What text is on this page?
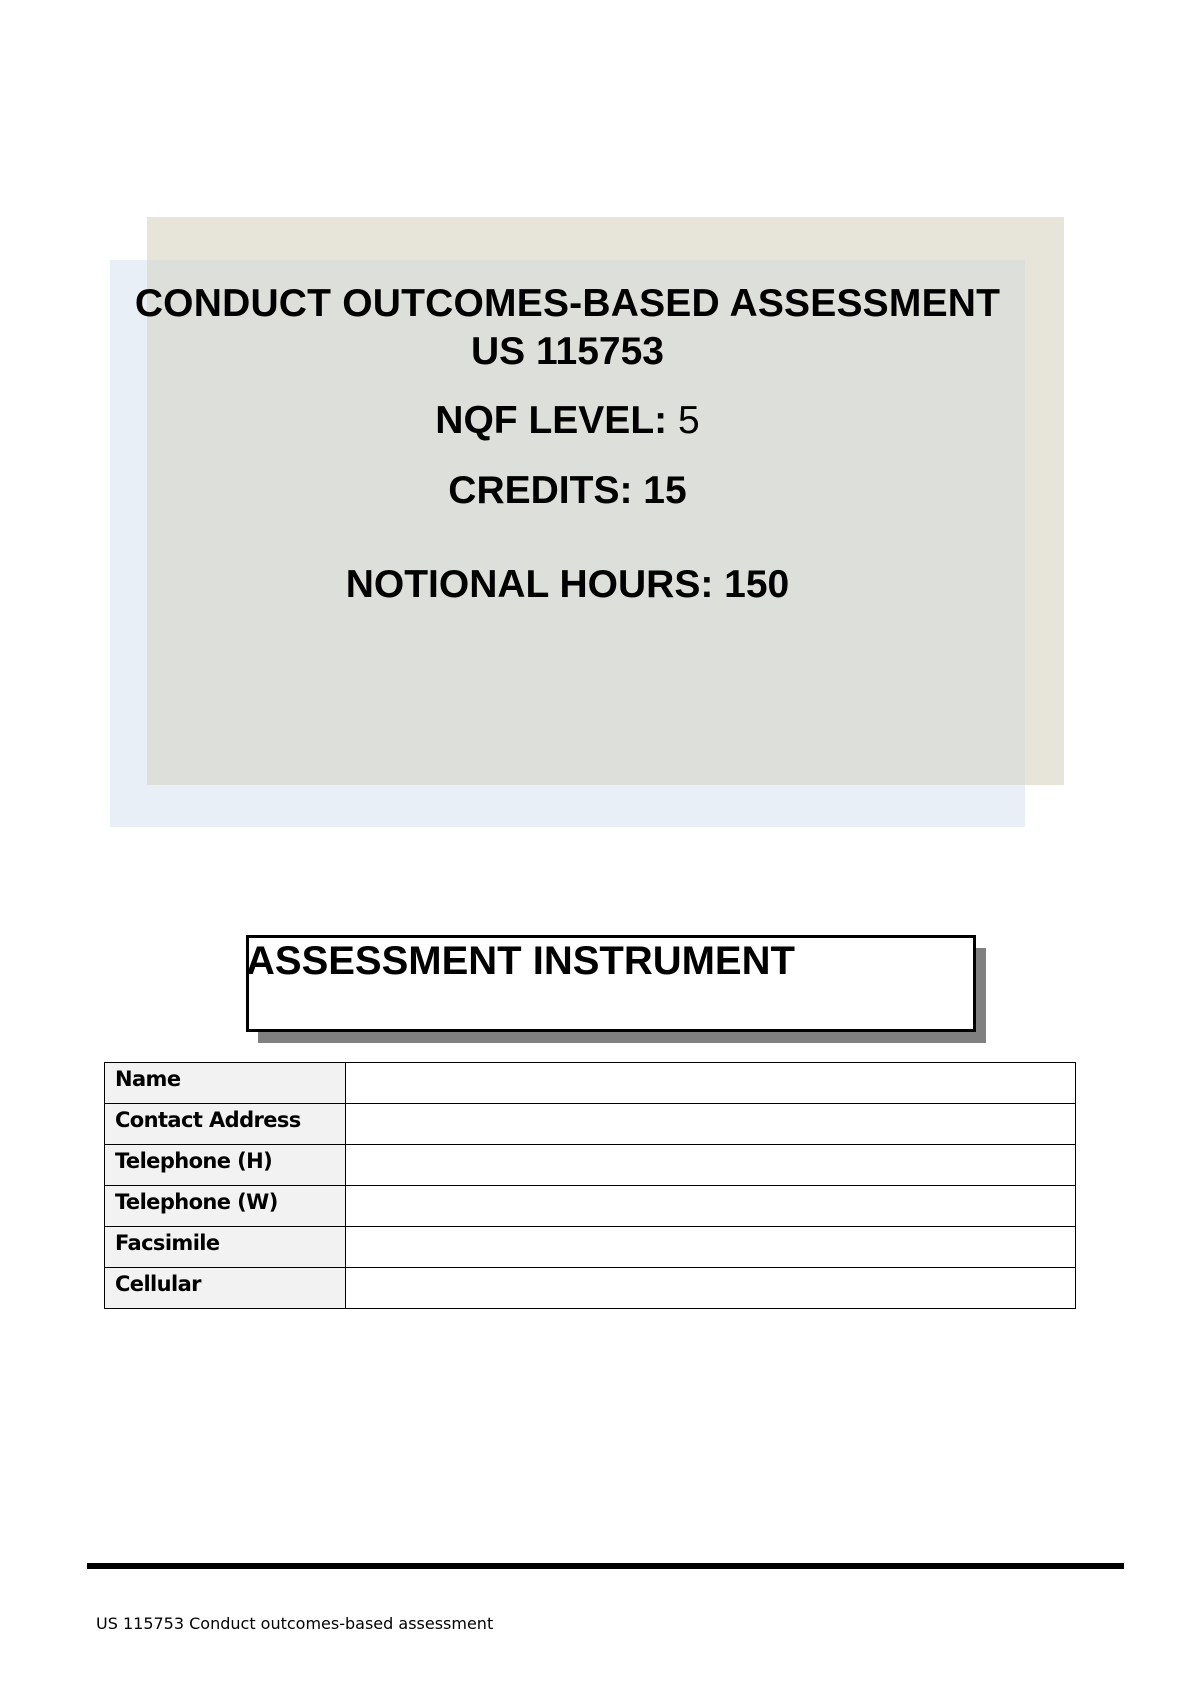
CONDUCT OUTCOMES-BASED ASSESSMENT
US 115753
NQF LEVEL: 5
CREDITS: 15
NOTIONAL HOURS: 150
ASSESSMENT INSTRUMENT
Name	
Contact Address	
Telephone (H)	
Telephone (W)	
Facsimile	
Cellular	
US 115753 Conduct outcomes-based assessment
